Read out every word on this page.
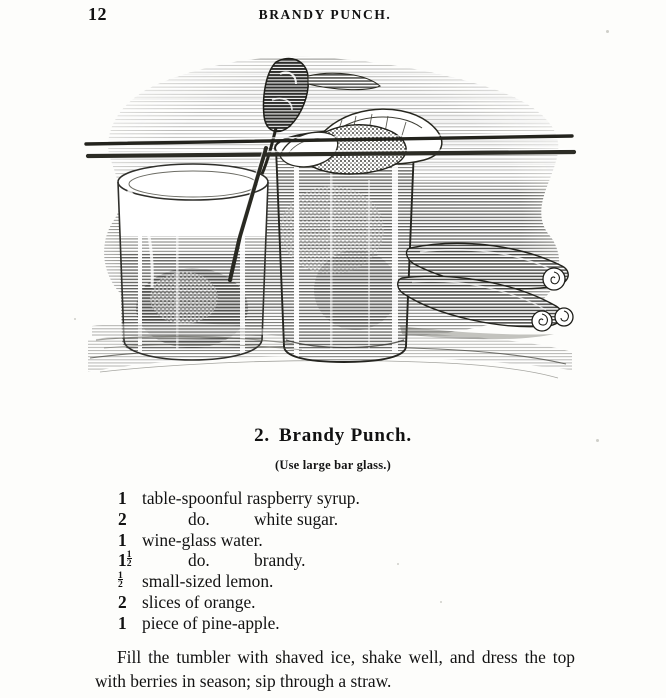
12	BRANDY PUNCH.
2. Brandy Punch.
(Use large bar glass.)
1 table-spoonful raspberry syrup.
2	do.	white sugar.
1 wine-glass water.
$1 \frac{1}{2}$	do.	brandy.
$\frac{1}{2}$ small-sized lemon.
2 slices of orange.
1 piece of pine-apple.
Fill the tumbler with shaved ice, shake well, and dress the top with berries in season; sip through a straw.
